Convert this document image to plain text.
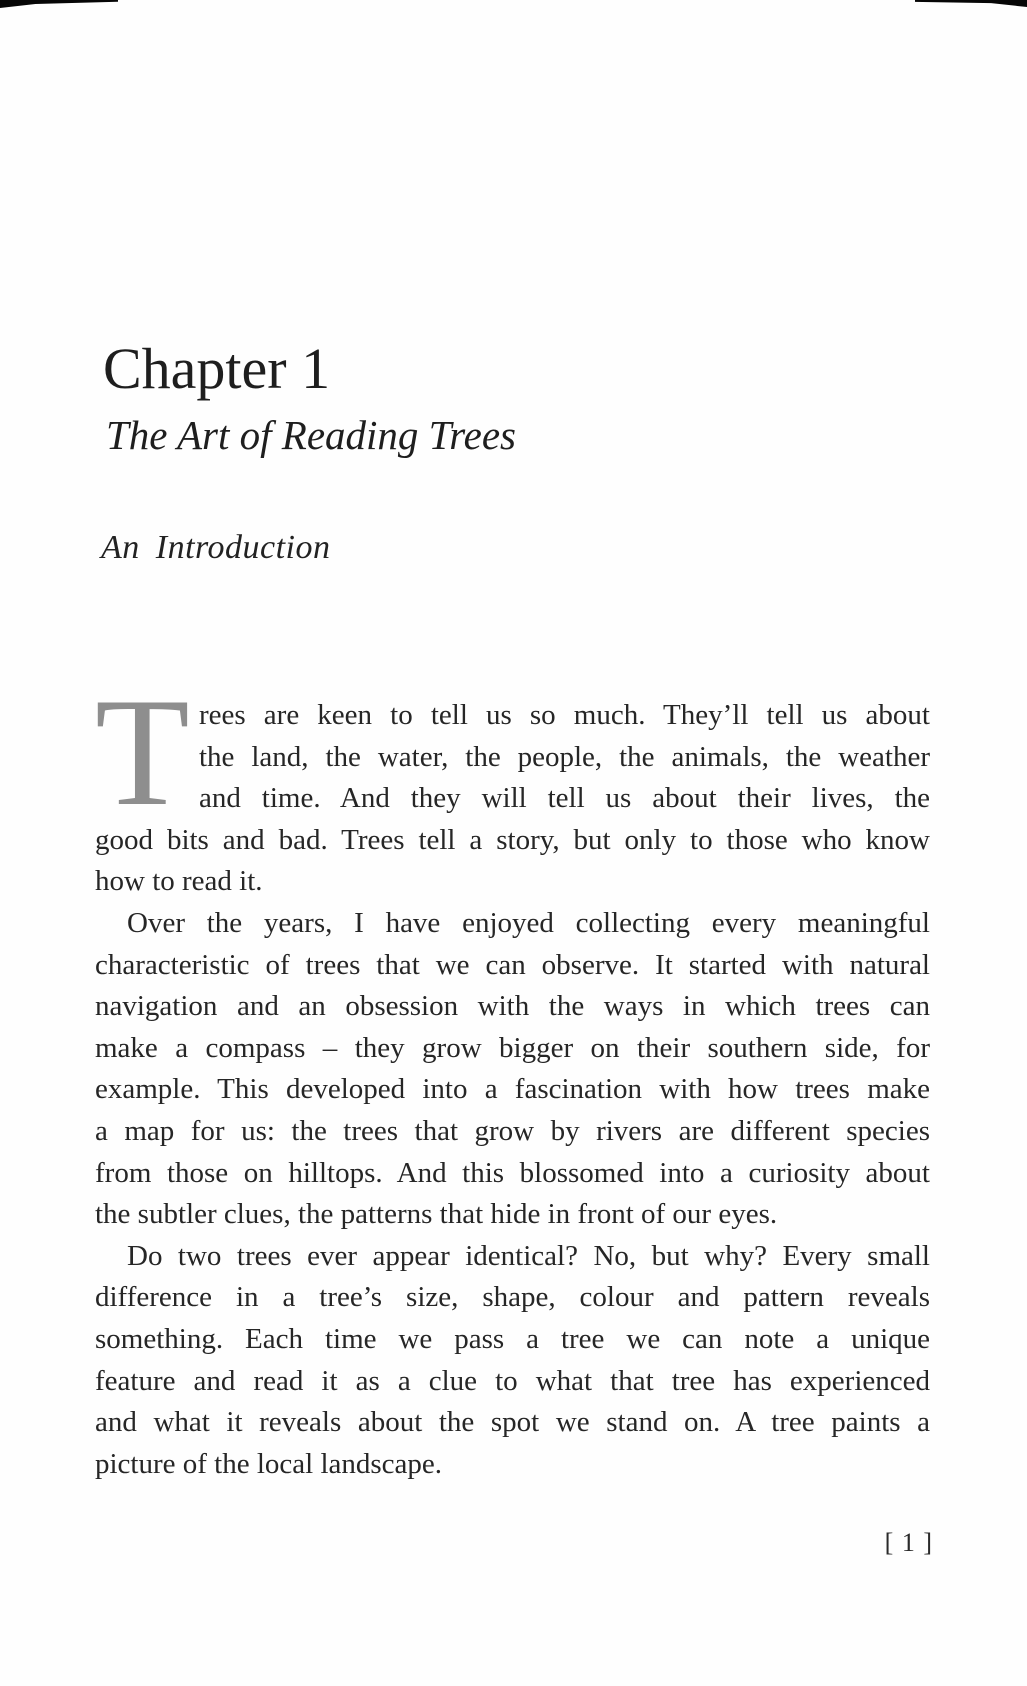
Chapter 1
The Art of Reading Trees
An Introduction
T rees are keen to tell us so much. They’ll tell us about
the land, the water, the people, the animals, the weather
and time. And they will tell us about their lives, the
good bits and bad. Trees tell a story, but only to those who know
how to read it.
Over the years, I have enjoyed collecting every meaningful
characteristic of trees that we can observe. It started with natural
navigation and an obsession with the ways in which trees can
make a compass – they grow bigger on their southern side, for
example. This developed into a fascination with how trees make
a map for us: the trees that grow by rivers are different species
from those on hilltops. And this blossomed into a curiosity about
the subtler clues, the patterns that hide in front of our eyes.
Do two trees ever appear identical? No, but why? Every small
difference in a tree’s size, shape, colour and pattern reveals
something. Each time we pass a tree we can note a unique
feature and read it as a clue to what that tree has experienced
and what it reveals about the spot we stand on. A tree paints a
picture of the local landscape.
[ 1 ]
